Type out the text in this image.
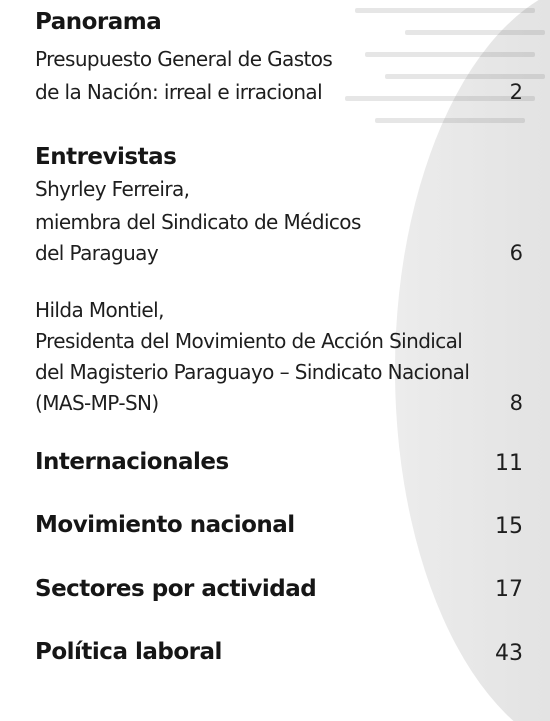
Panorama
Presupuesto General de Gastos
de la Nación: irreal e irracional	2
Entrevistas
Shyrley Ferreira,
miembra del Sindicato de Médicos
del Paraguay	6
Hilda Montiel,
Presidenta del Movimiento de Acción Sindical
del Magisterio Paraguayo – Sindicato Nacional
(MAS-MP-SN)	8
Internacionales	11
Movimiento nacional	15
Sectores por actividad	17
Política laboral	43
